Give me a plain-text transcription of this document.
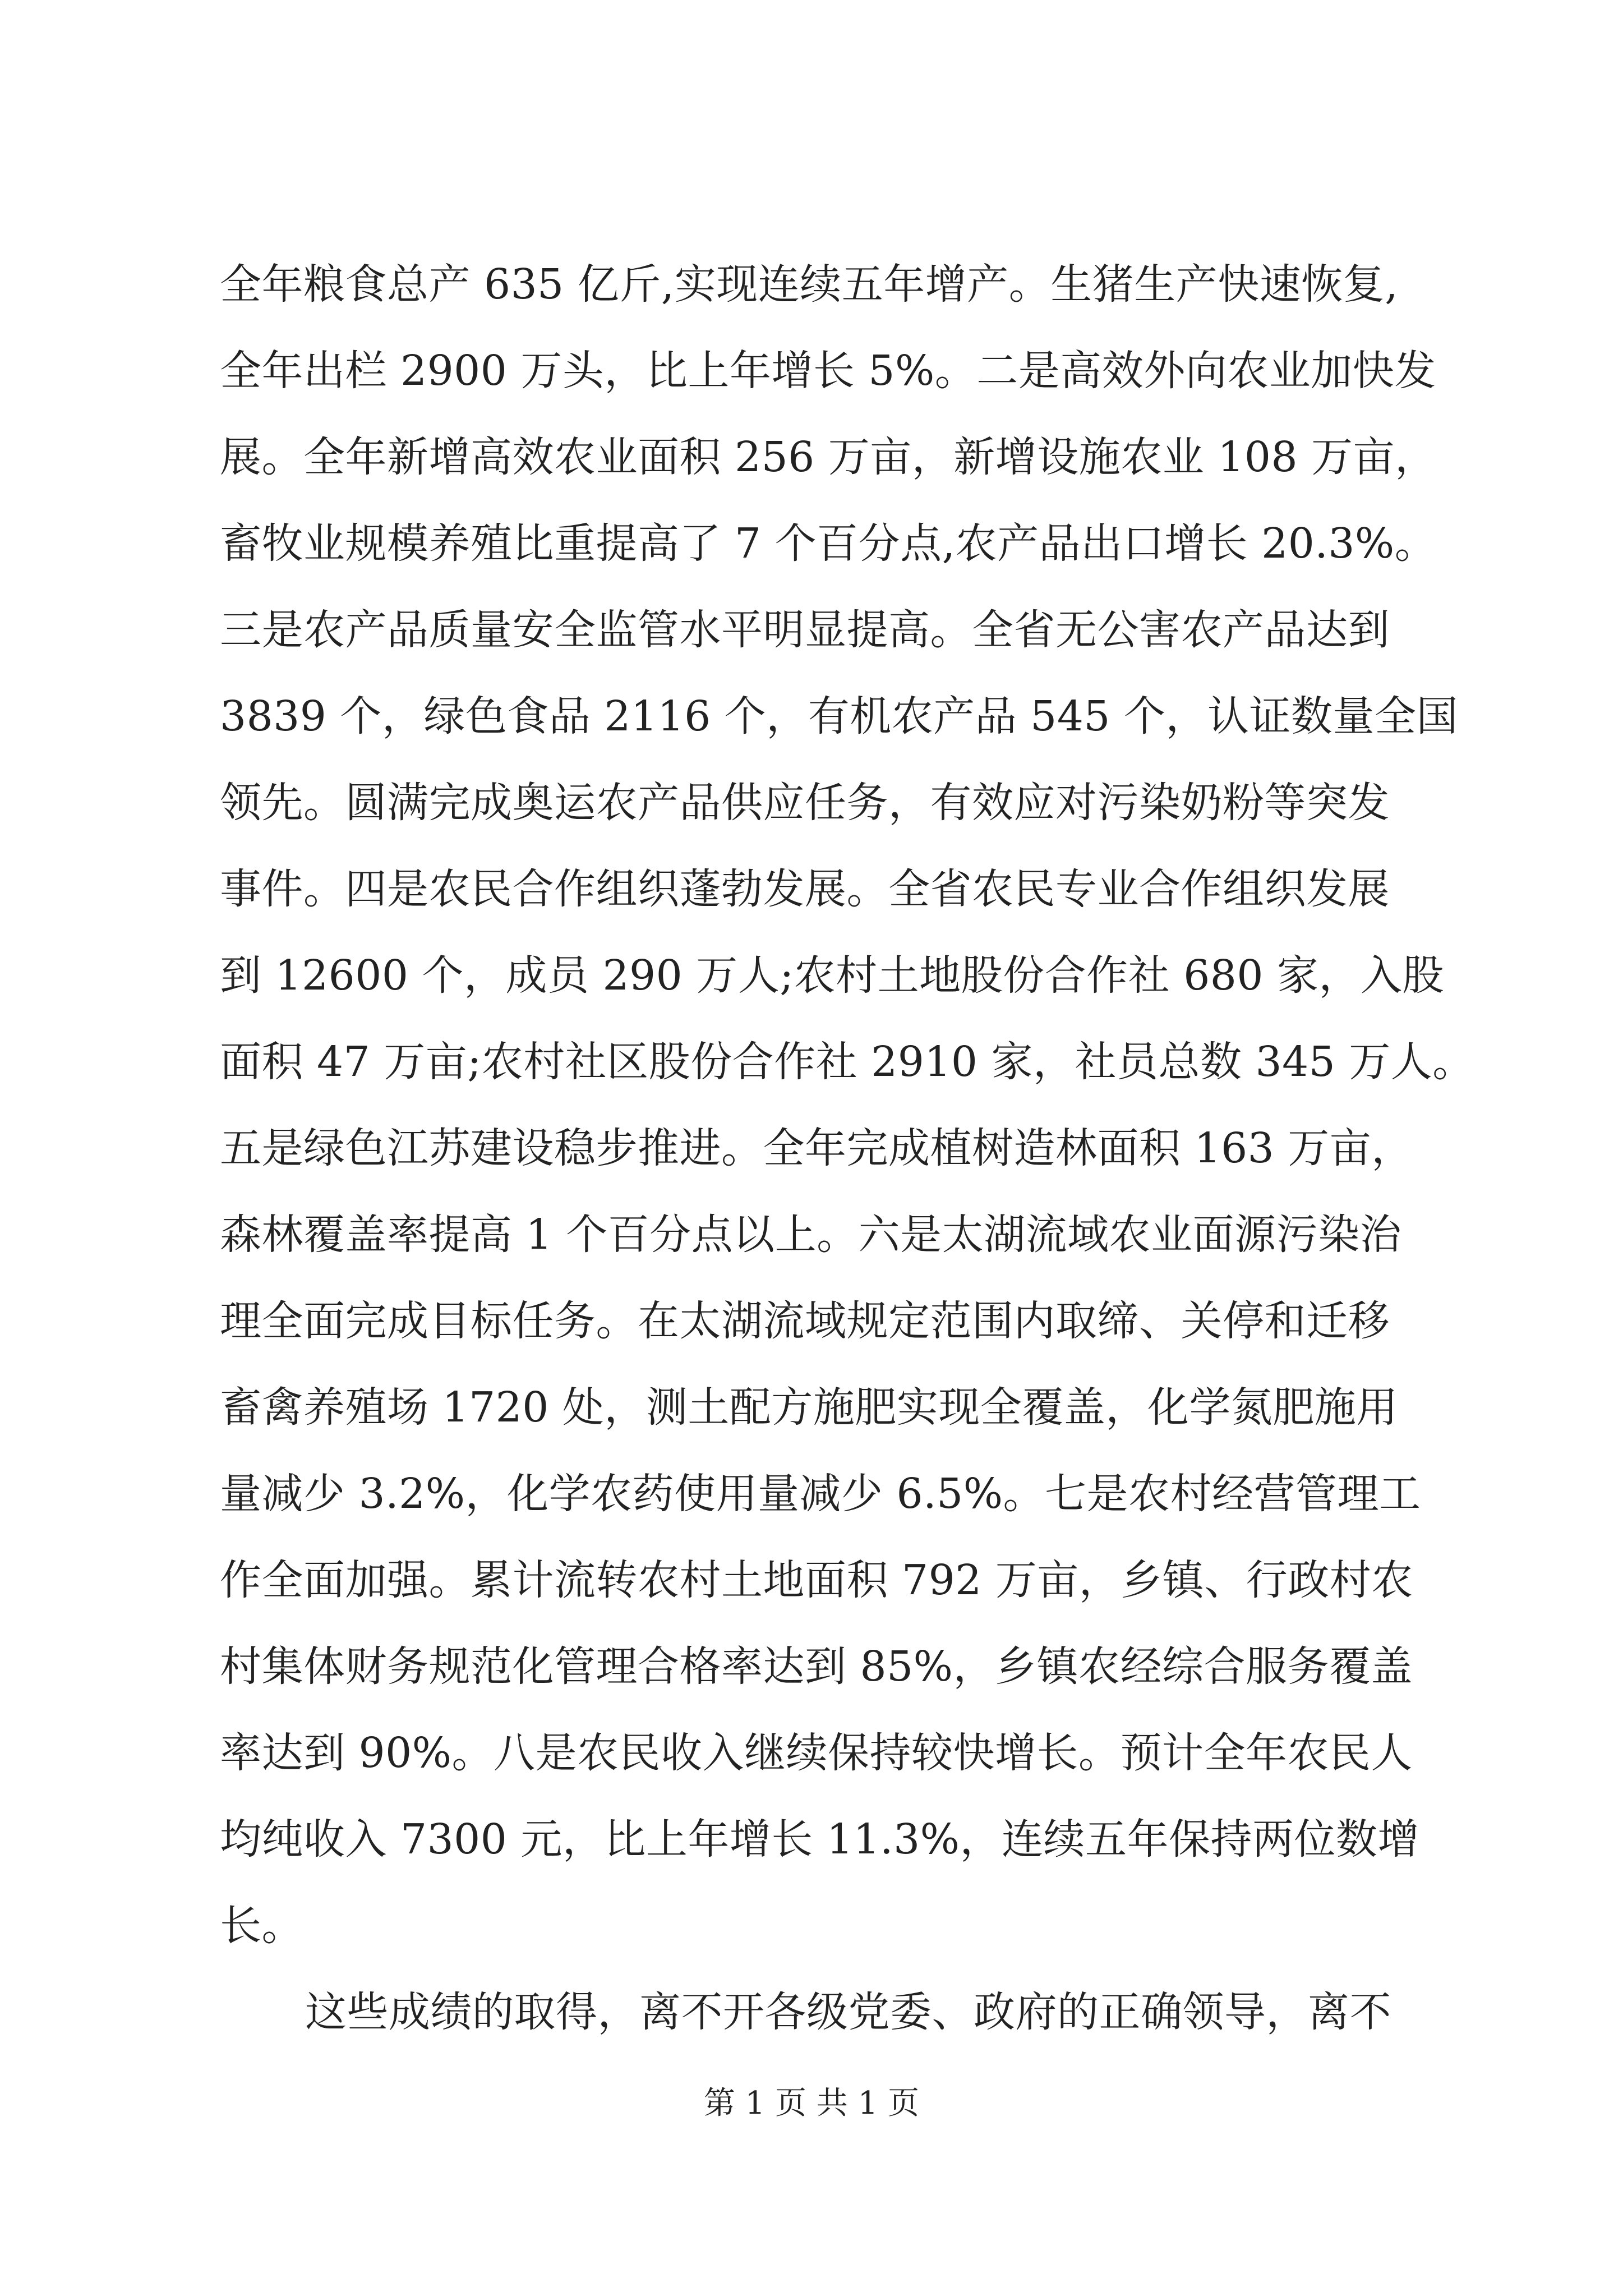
全年粮食总产 635 亿斤,实现连续五年增产。生猪生产快速恢复,
全年出栏 2900 万头，比上年增长 5%。二是高效外向农业加快发
展。全年新增高效农业面积 256 万亩，新增设施农业 108 万亩，
畜牧业规模养殖比重提高了 7 个百分点,农产品出口增长 20.3%。
三是农产品质量安全监管水平明显提高。全省无公害农产品达到
3839 个，绿色食品 2116 个，有机农产品 545 个，认证数量全国
领先。圆满完成奥运农产品供应任务，有效应对污染奶粉等突发
事件。四是农民合作组织蓬勃发展。全省农民专业合作组织发展
到 12600 个，成员 290 万人;农村土地股份合作社 680 家，入股
面积 47 万亩;农村社区股份合作社 2910 家，社员总数 345 万人。
五是绿色江苏建设稳步推进。全年完成植树造林面积 163 万亩，
森林覆盖率提高 1 个百分点以上。六是太湖流域农业面源污染治
理全面完成目标任务。在太湖流域规定范围内取缔、关停和迁移
畜禽养殖场 1720 处，测土配方施肥实现全覆盖，化学氮肥施用
量减少 3.2%，化学农药使用量减少 6.5%。七是农村经营管理工
作全面加强。累计流转农村土地面积 792 万亩，乡镇、行政村农
村集体财务规范化管理合格率达到 85%，乡镇农经综合服务覆盖
率达到 90%。八是农民收入继续保持较快增长。预计全年农民人
均纯收入 7300 元，比上年增长 11.3%，连续五年保持两位数增
长。
这些成绩的取得，离不开各级党委、政府的正确领导，离不
第 1 页 共 1 页
